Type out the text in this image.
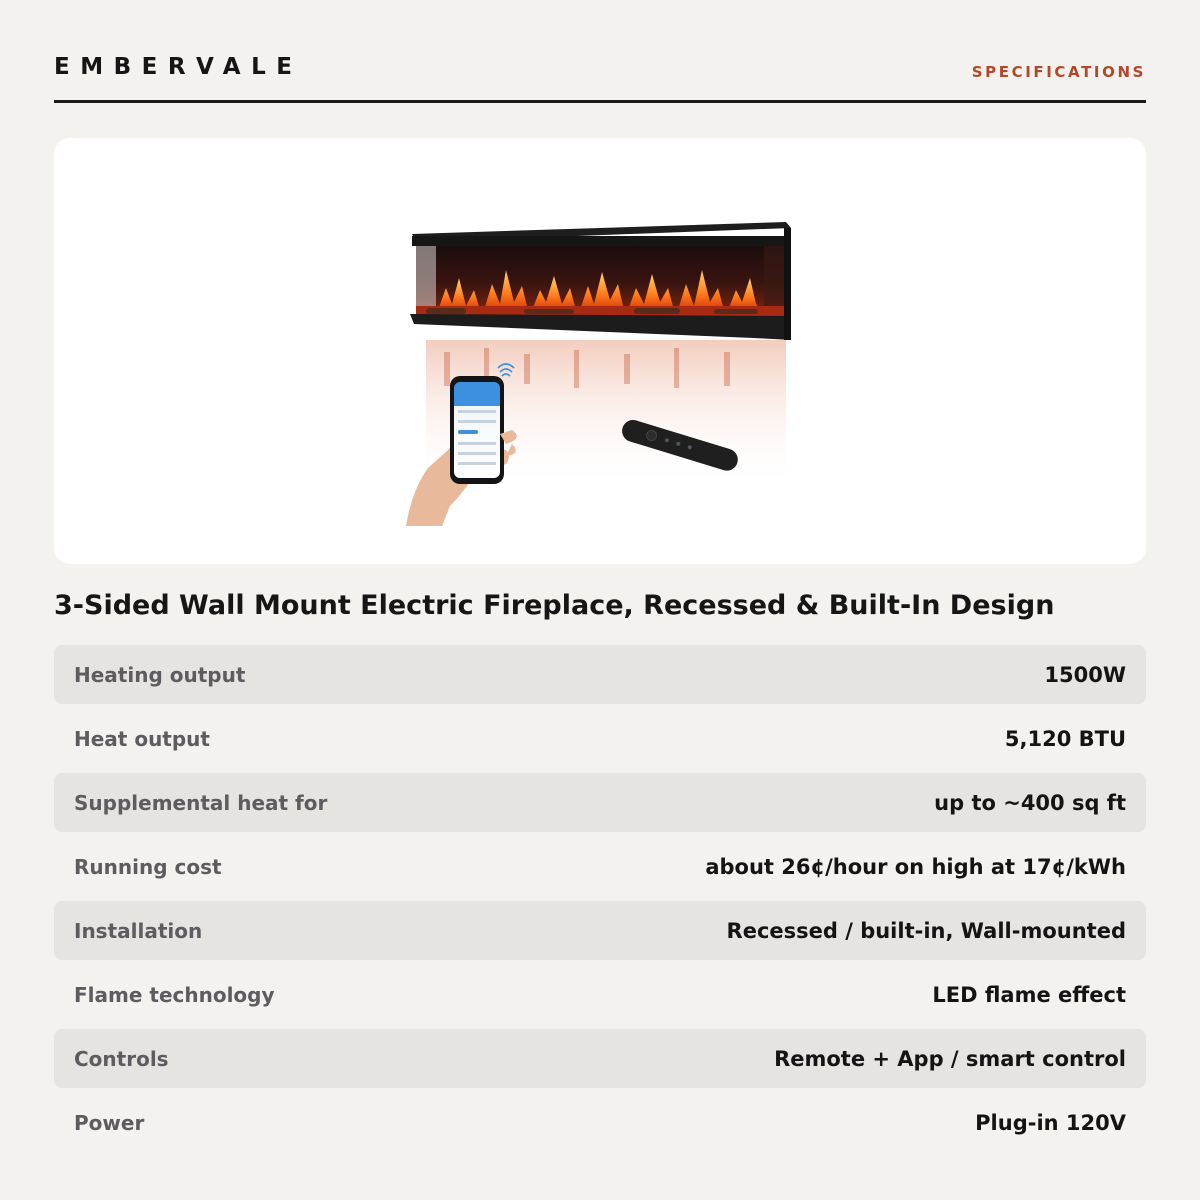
EMBERVALE	SPECIFICATIONS
3-Sided Wall Mount Electric Fireplace, Recessed & Built-In Design
Heating output	1500W
Heat output	5,120 BTU
Supplemental heat for	up to ~400 sq ft
Running cost	about 26¢/hour on high at 17¢/kWh
Installation	Recessed / built-in, Wall-mounted
Flame technology	LED flame effect
Controls	Remote + App / smart control
Power	Plug-in 120V
